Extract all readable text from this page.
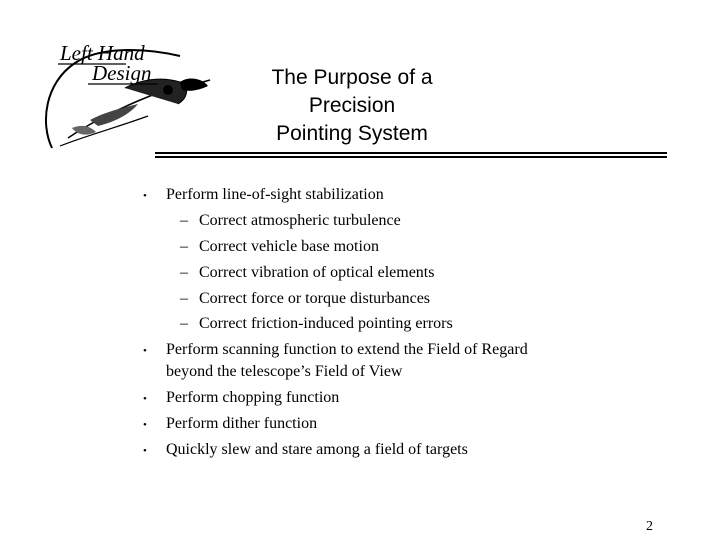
Left Hand
Design	The Purpose of a Precision
Pointing System
• Perform line-of-sight stabilization
– Correct atmospheric turbulence
– Correct vehicle base motion
– Correct vibration of optical elements
– Correct force or torque disturbances
– Correct friction-induced pointing errors
• Perform scanning function to extend the Field of Regard
beyond the telescope’s Field of View
• Perform chopping function
• Perform dither function
• Quickly slew and stare among a field of targets
2
